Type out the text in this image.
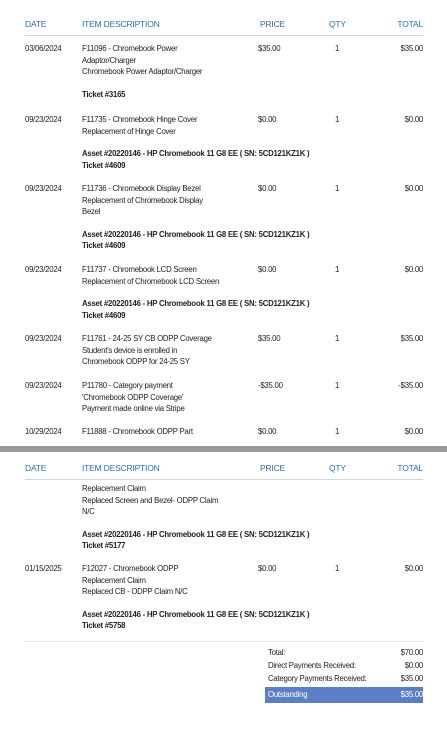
DATE	ITEM DESCRIPTION	PRICE	QTY	TOTAL
03/06/2024	F11096 - Chromebook Power
Adaptor/Charger
Chromebook Power Adaptor/Charger
Ticket #3165
$35.00	1	$35.00
09/23/2024	F11735 - Chromebook Hinge Cover
Replacement of Hinge Cover
Asset #20220146 - HP Chromebook 11 G8 EE ( SN: 5CD121KZ1K )
Ticket #4609
$0.00	1	$0.00
09/23/2024	F11736 - Chromebook Display Bezel
Replacement of Chromebook Display
Bezel
Asset #20220146 - HP Chromebook 11 G8 EE ( SN: 5CD121KZ1K )
Ticket #4609
$0.00	1	$0.00
09/23/2024	F11737 - Chromebook LCD Screen
Replacement of Chromebook LCD Screen
Asset #20220146 - HP Chromebook 11 G8 EE ( SN: 5CD121KZ1K )
Ticket #4609
$0.00	1	$0.00
09/23/2024	F11761 - 24-25 SY CB ODPP Coverage
Student's device is enrolled in
Chromebook ODPP for 24-25 SY
$35.00	1	$35.00
09/23/2024	P11780 - Category payment
'Chromebook ODPP Coverage'
Payment made online via Stripe
-$35.00	1	-$35.00
10/29/2024	F11888 - Chromebook ODPP Part	$0.00	1	$0.00
DATE	ITEM DESCRIPTION	PRICE	QTY	TOTAL
Replacement Claim
Replaced Screen and Bezel- ODPP Claim
N/C
Asset #20220146 - HP Chromebook 11 G8 EE ( SN: 5CD121KZ1K )
Ticket #5177
01/15/2025	F12027 - Chromebook ODPP
Replacement Claim
Replaced CB - ODPP Claim N/C
Asset #20220146 - HP Chromebook 11 G8 EE ( SN: 5CD121KZ1K )
Ticket #5758
$0.00	1	$0.00
Total:	$70.00
Direct Payments Received:	$0.00
Category Payments Received:	$35.00
Outstanding	$35.00
